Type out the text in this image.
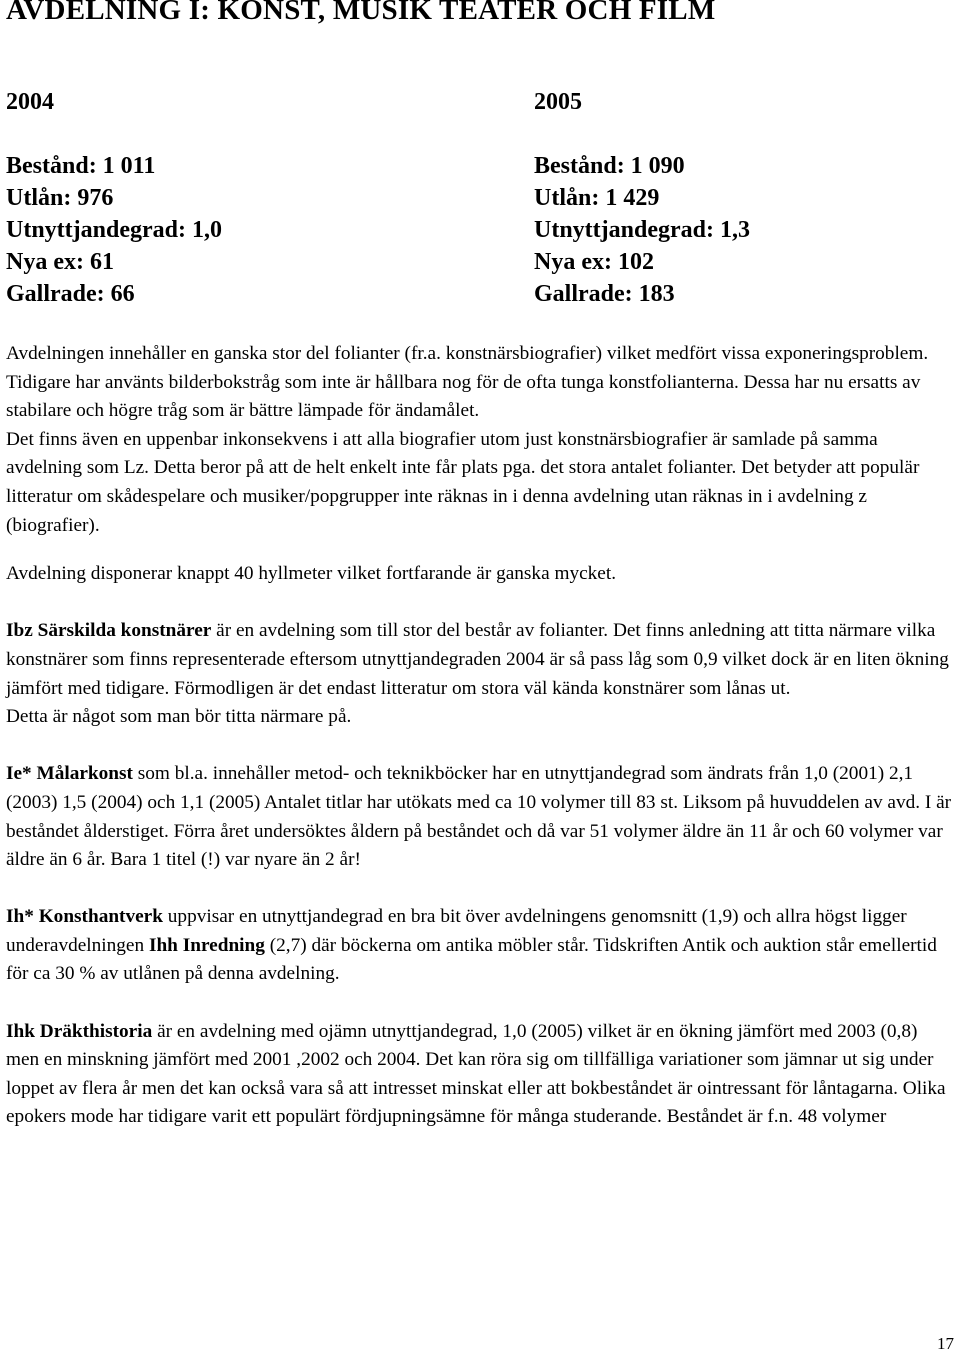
AVDELNING I: KONST, MUSIK TEATER OCH FILM
2004
Bestånd: 1 011
Utlån: 976
Utnyttjandegrad: 1,0
Nya ex: 61
Gallrade: 66
2005
Bestånd: 1 090
Utlån: 1 429
Utnyttjandegrad: 1,3
Nya ex: 102
Gallrade: 183

Avdelningen innehåller en ganska stor del folianter (fr.a. konstnärsbiografier) vilket medfört vissa exponeringsproblem. Tidigare har använts bilderbokstråg som inte är hållbara nog för de ofta tunga konstfolianterna. Dessa har nu ersatts av stabilare och högre tråg som är bättre lämpade för ändamålet.
Det finns även en uppenbar inkonsekvens i att alla biografier utom just konstnärsbiografier är samlade på samma avdelning som Lz. Detta beror på att de helt enkelt inte får plats pga. det stora antalet folianter. Det betyder att populär litteratur om skådespelare och musiker/popgrupper inte räknas in i denna avdelning utan räknas in i avdelning z (biografier).

Avdelning disponerar knappt 40 hyllmeter vilket fortfarande är ganska mycket.

Ibz Särskilda konstnärer är en avdelning som till stor del består av folianter. Det finns anledning att titta närmare vilka konstnärer som finns representerade eftersom utnyttjandegraden 2004 är så pass låg som 0,9 vilket dock är en liten ökning jämfört med tidigare. Förmodligen är det endast litteratur om stora väl kända konstnärer som lånas ut.
Detta är något som man bör titta närmare på.

Ie* Målarkonst som bl.a. innehåller metod- och teknikböcker har en utnyttjandegrad som ändrats från 1,0 (2001) 2,1 (2003) 1,5 (2004) och 1,1 (2005) Antalet titlar har utökats med ca 10 volymer till 83 st. Liksom på huvuddelen av avd. I är beståndet ålderstiget. Förra året undersöktes åldern på beståndet och då var 51 volymer äldre än 11 år och 60 volymer var äldre än 6 år. Bara 1 titel (!) var nyare än 2 år!

Ih* Konsthantverk uppvisar en utnyttjandegrad en bra bit över avdelningens genomsnitt (1,9) och allra högst ligger underavdelningen Ihh Inredning (2,7) där böckerna om antika möbler står. Tidskriften Antik och auktion står emellertid för ca 30 % av utlånen på denna avdelning.

Ihk Dräkthistoria är en avdelning med ojämn utnyttjandegrad, 1,0 (2005) vilket är en ökning jämfört med 2003 (0,8) men en minskning jämfört med 2001 ,2002 och 2004. Det kan röra sig om tillfälliga variationer som jämnar ut sig under loppet av flera år men det kan också vara så att intresset minskat eller att bokbeståndet är ointressant för låntagarna. Olika epokers mode har tidigare varit ett populärt fördjupningsämne för många studerande. Beståndet är f.n. 48 volymer

17
